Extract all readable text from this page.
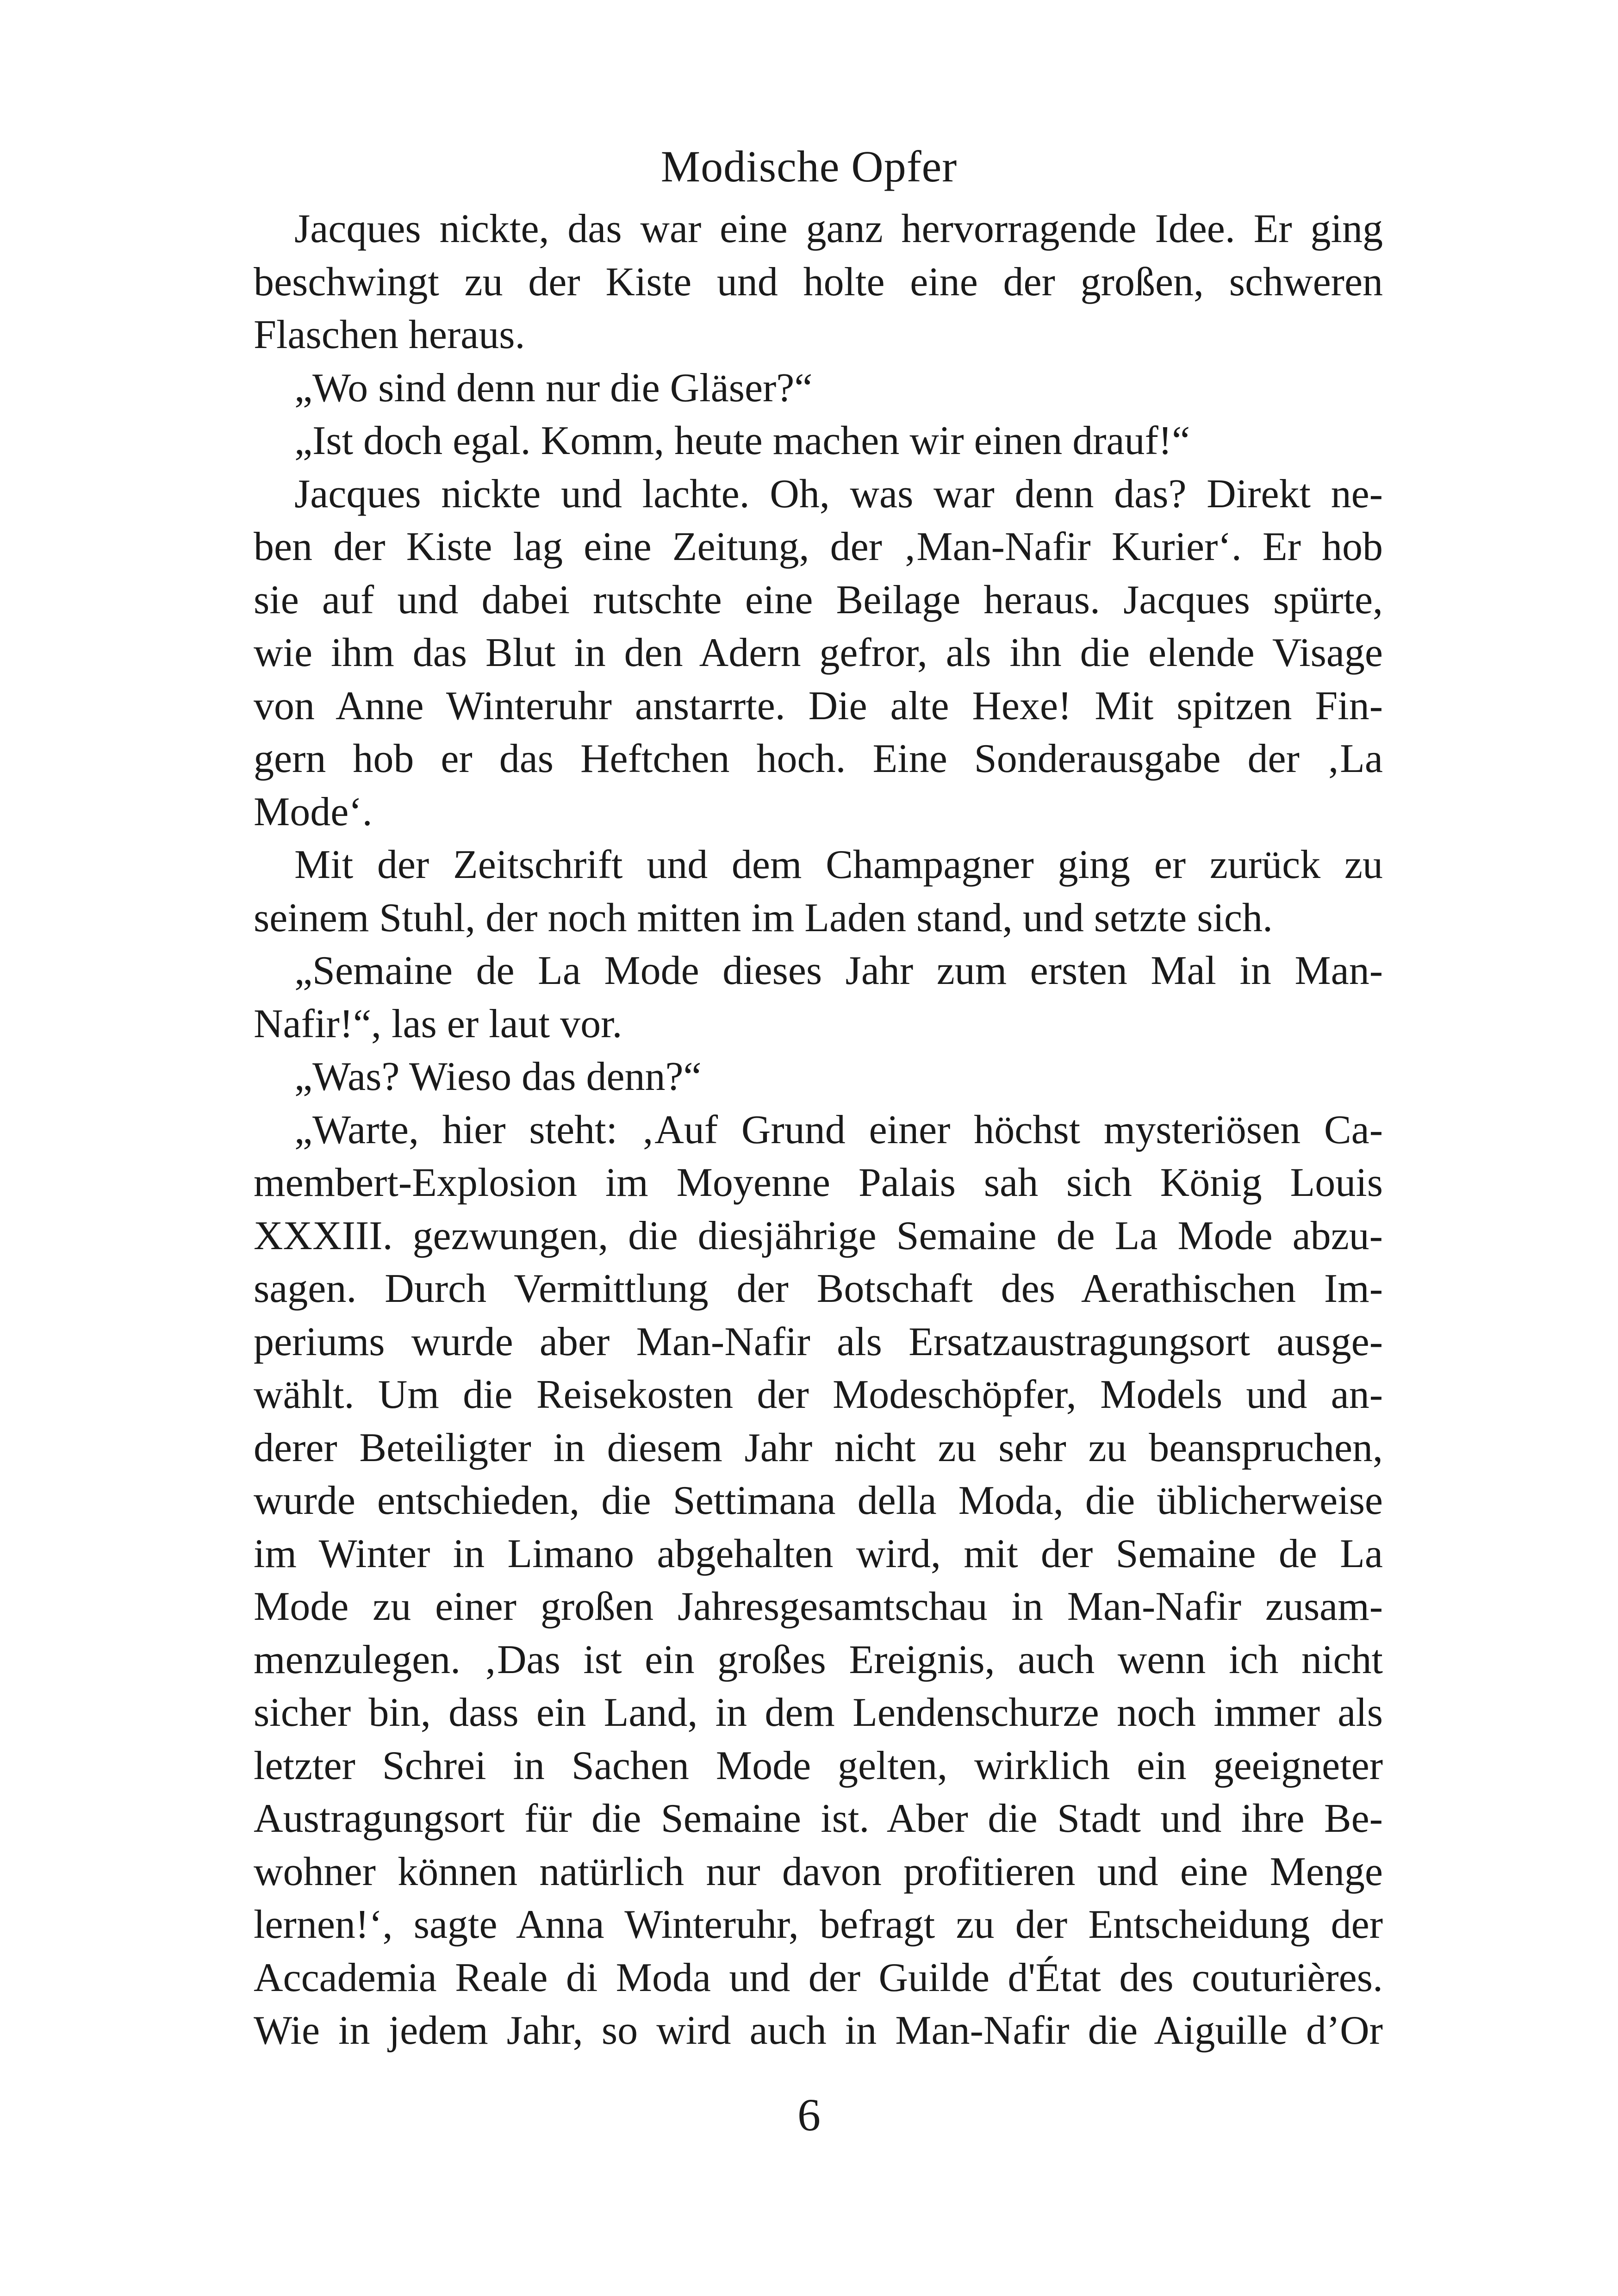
Modische Opfer
Jacques nickte, das war eine ganz hervorragende Idee. Er ging
beschwingt zu der Kiste und holte eine der großen, schweren
Flaschen heraus.
„Wo sind denn nur die Gläser?“
„Ist doch egal. Komm, heute machen wir einen drauf!“
Jacques nickte und lachte. Oh, was war denn das? Direkt ne-
ben der Kiste lag eine Zeitung, der ‚Man-Nafir Kurier‘. Er hob
sie auf und dabei rutschte eine Beilage heraus. Jacques spürte,
wie ihm das Blut in den Adern gefror, als ihn die elende Visage
von Anne Winteruhr anstarrte. Die alte Hexe! Mit spitzen Fin-
gern hob er das Heftchen hoch. Eine Sonderausgabe der ‚La
Mode‘.
Mit der Zeitschrift und dem Champagner ging er zurück zu
seinem Stuhl, der noch mitten im Laden stand, und setzte sich.
„Semaine de La Mode dieses Jahr zum ersten Mal in Man-
Nafir!“, las er laut vor.
„Was? Wieso das denn?“
„Warte, hier steht: ‚Auf Grund einer höchst mysteriösen Ca-
membert-Explosion im Moyenne Palais sah sich König Louis
XXXIII. gezwungen, die diesjährige Semaine de La Mode abzu-
sagen. Durch Vermittlung der Botschaft des Aerathischen Im-
periums wurde aber Man-Nafir als Ersatzaustragungsort ausge-
wählt. Um die Reisekosten der Modeschöpfer, Models und an-
derer Beteiligter in diesem Jahr nicht zu sehr zu beanspruchen,
wurde entschieden, die Settimana della Moda, die üblicherweise
im Winter in Limano abgehalten wird, mit der Semaine de La
Mode zu einer großen Jahresgesamtschau in Man-Nafir zusam-
menzulegen. ‚Das ist ein großes Ereignis, auch wenn ich nicht
sicher bin, dass ein Land, in dem Lendenschurze noch immer als
letzter Schrei in Sachen Mode gelten, wirklich ein geeigneter
Austragungsort für die Semaine ist. Aber die Stadt und ihre Be-
wohner können natürlich nur davon profitieren und eine Menge
lernen!‘, sagte Anna Winteruhr, befragt zu der Entscheidung der
Accademia Reale di Moda und der Guilde d'État des couturières.
Wie in jedem Jahr, so wird auch in Man-Nafir die Aiguille d’Or
6
